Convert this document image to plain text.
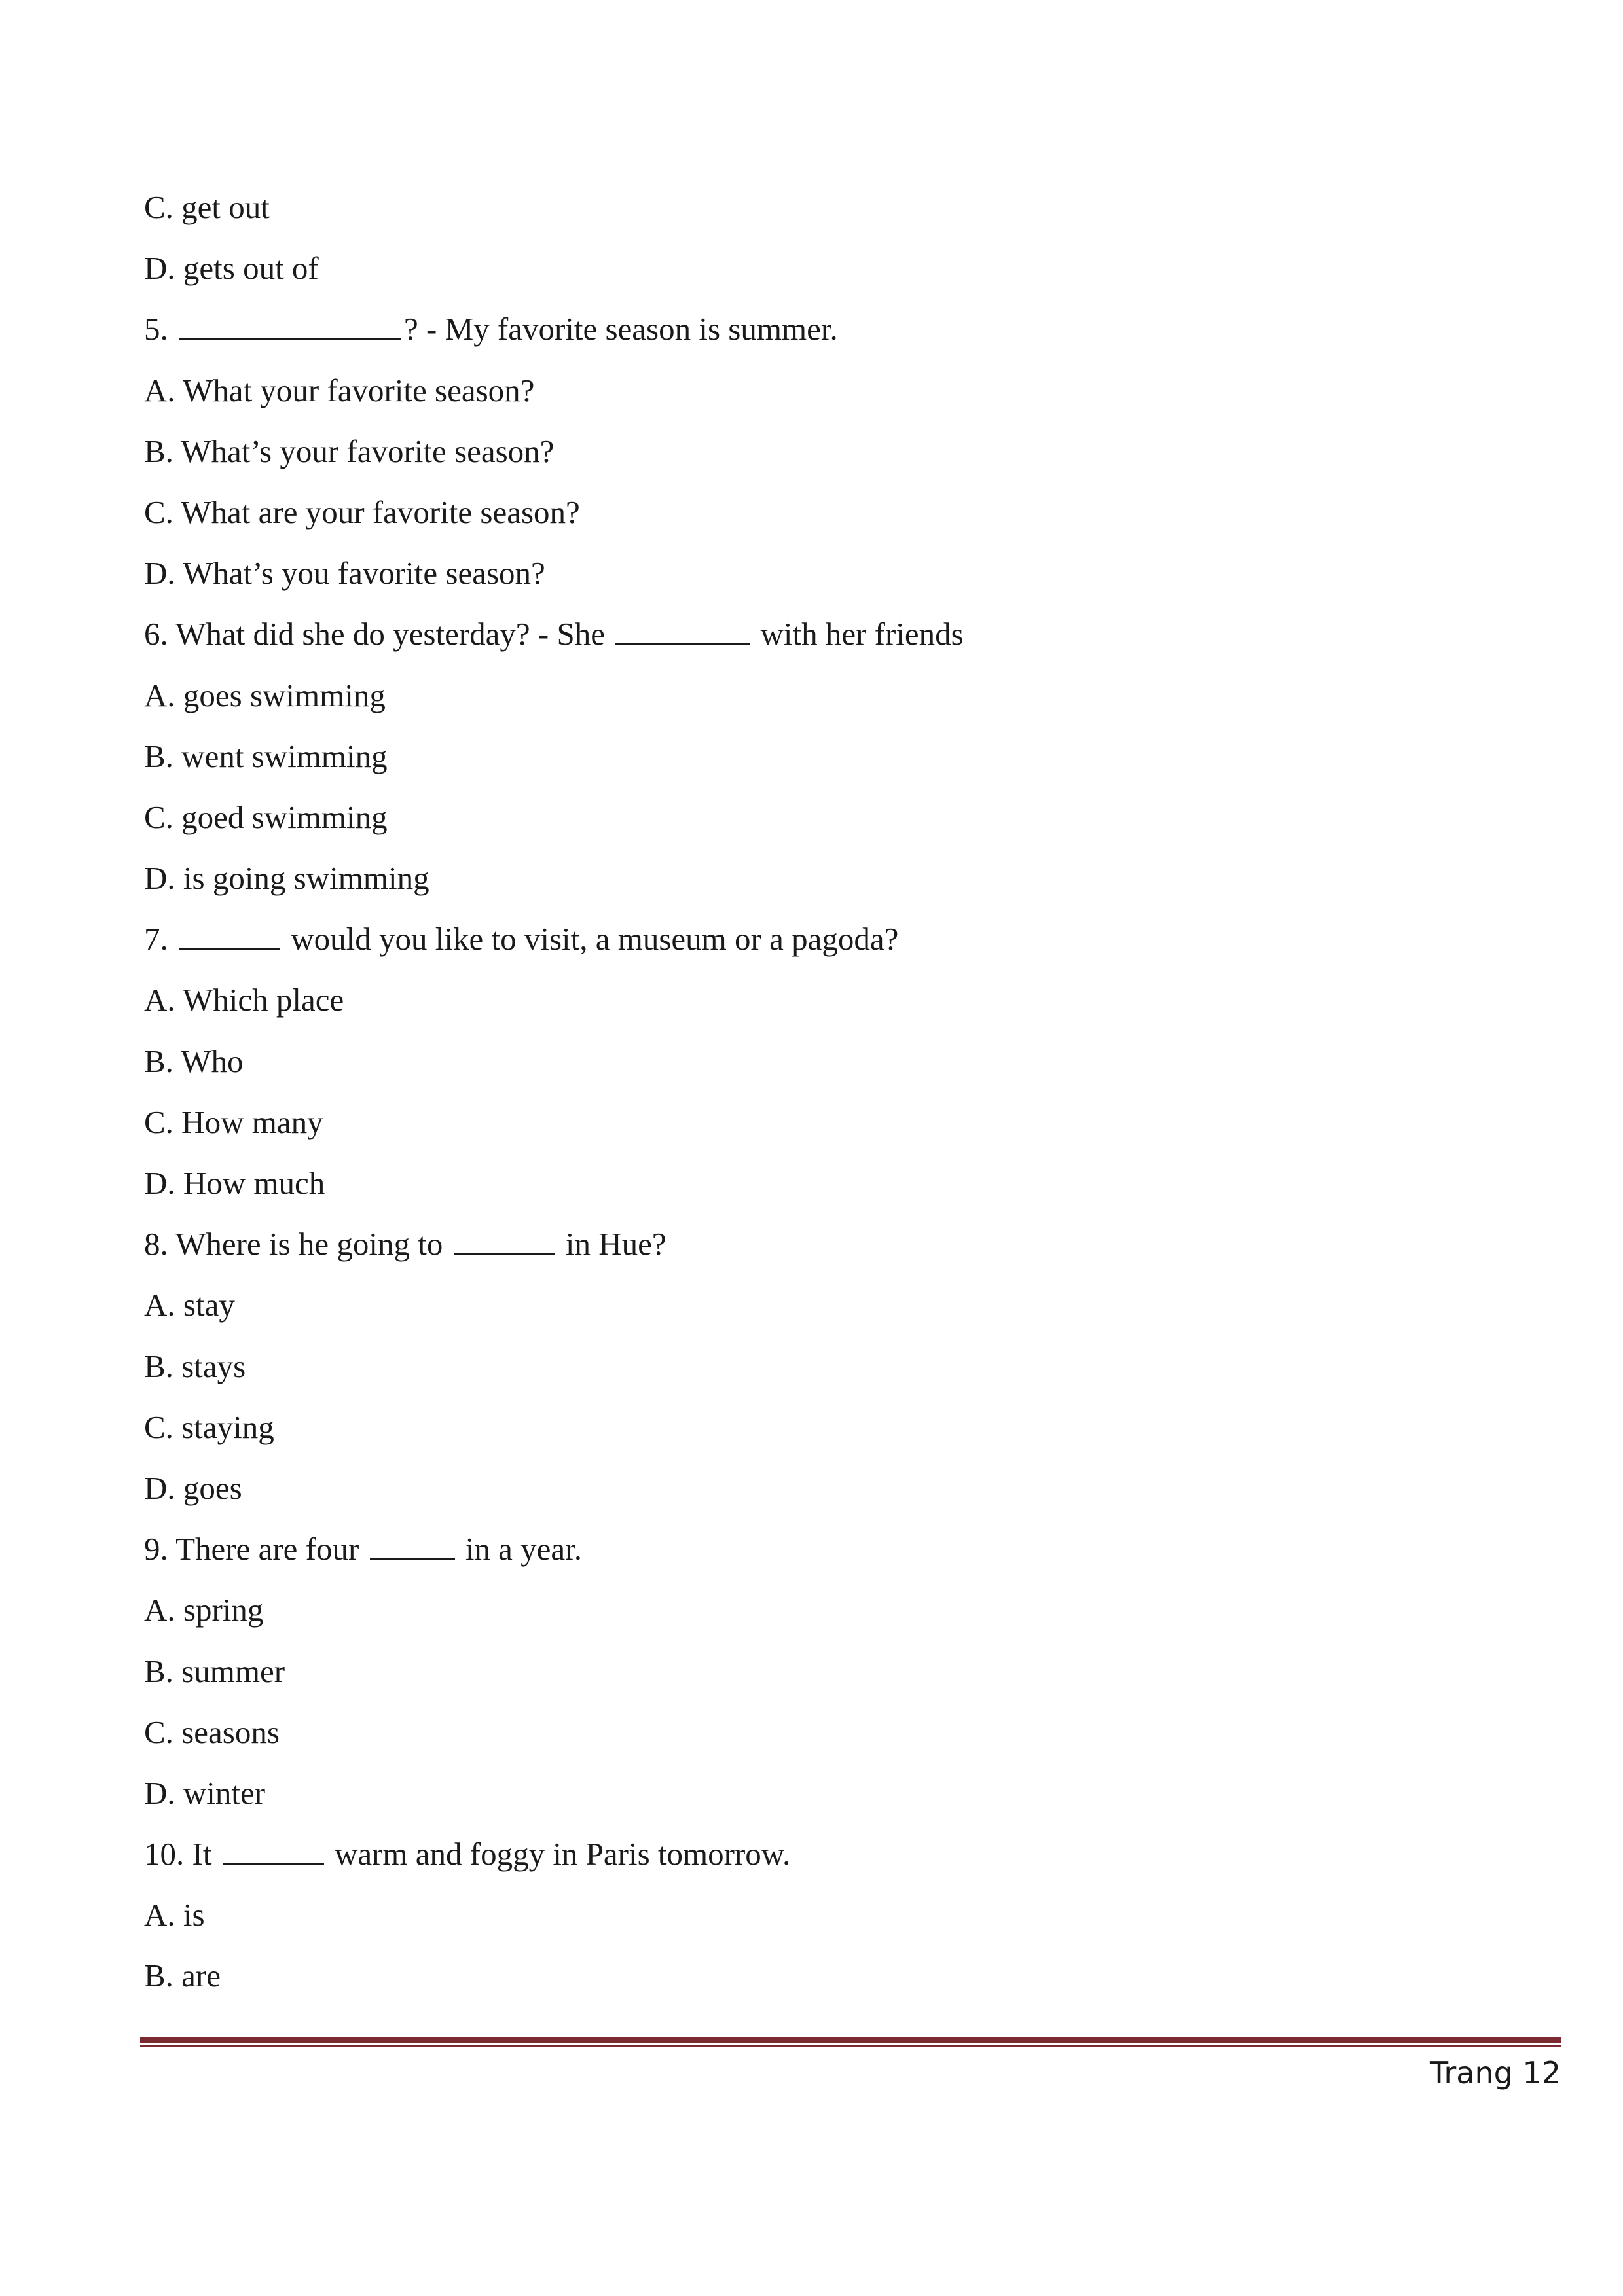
C. get out
D. gets out of
5.	? - My favorite season is summer.
A. What your favorite season?
B. What’s your favorite season?
C. What are your favorite season?
D. What’s you favorite season?
6. What did she do yesterday? - She	with her friends
A. goes swimming
B. went swimming
C. goed swimming
D. is going swimming
7.	would you like to visit, a museum or a pagoda?
A. Which place
B. Who
C. How many
D. How much
8. Where is he going to	in Hue?
A. stay
B. stays
C. staying
D. goes
9. There are four	in a year.
A. spring
B. summer
C. seasons
D. winter
10. It	warm and foggy in Paris tomorrow.
A. is
B. are
Trang 12
